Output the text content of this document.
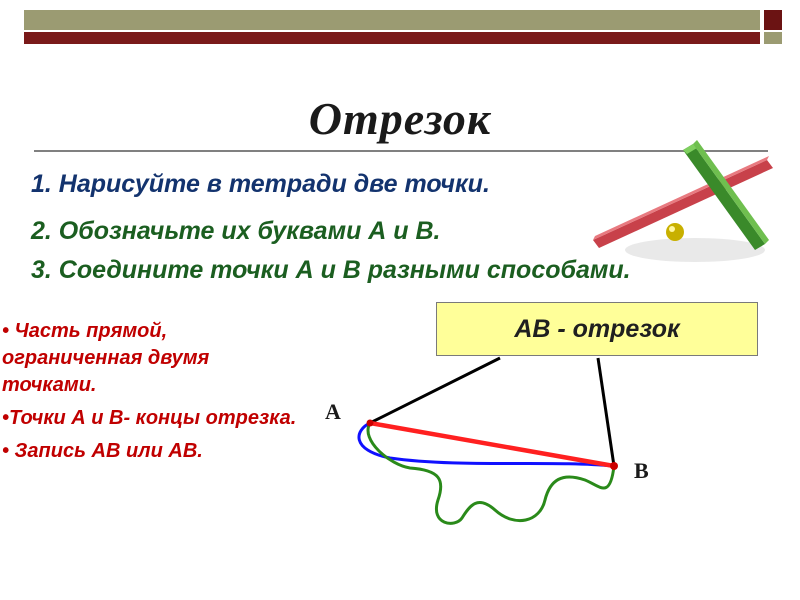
Отрезок
1. Нарисуйте в тетради две точки.
2. Обозначьте их буквами А и В.
3. Соедините точки А и В разными способами.
АВ - отрезок
• Часть прямой, ограниченная двумя точками.
•Точки А и В- концы отрезка.
• Запись АВ или АВ.
А
В
